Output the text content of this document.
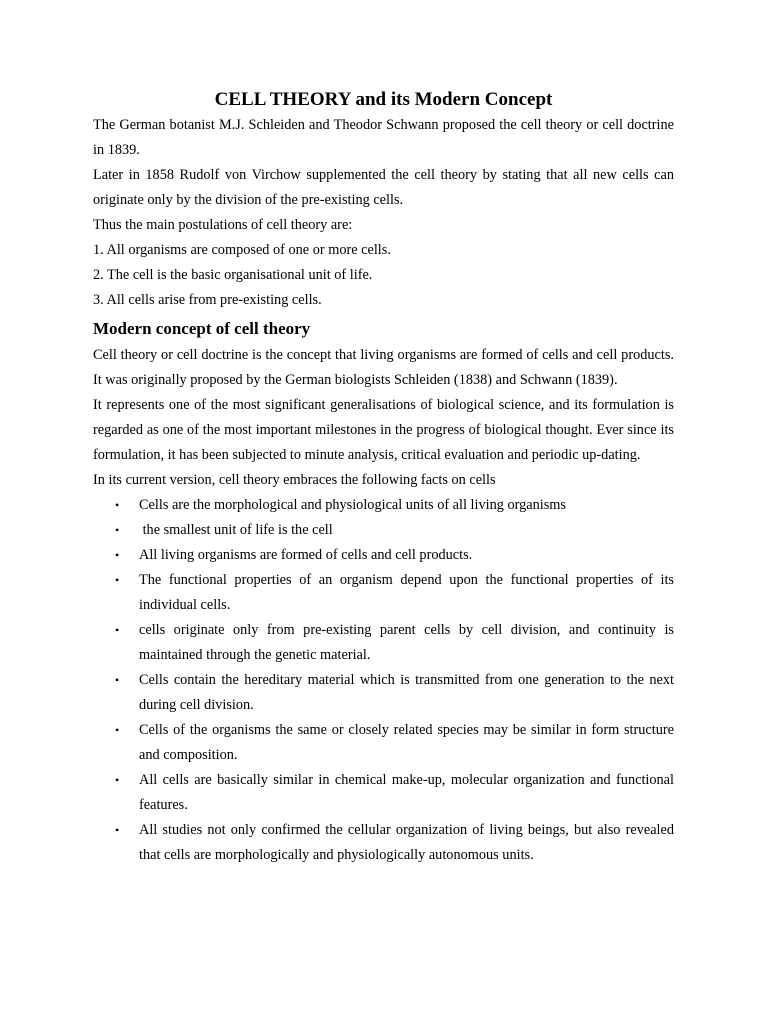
CELL THEORY and its Modern Concept

The German botanist M.J. Schleiden and Theodor Schwann proposed the cell theory or cell doctrine in 1839.

Later in 1858 Rudolf von Virchow supplemented the cell theory by stating that all new cells can originate only by the division of the pre-existing cells.

Thus the main postulations of cell theory are:

1. All organisms are composed of one or more cells.

2. The cell is the basic organisational unit of life.

3. All cells arise from pre-existing cells.

Modern concept of cell theory

Cell theory or cell doctrine is the concept that living organisms are formed of cells and cell products. It was originally proposed by the German biologists Schleiden (1838) and Schwann (1839).

It represents one of the most significant generalisations of biological science, and its formulation is regarded as one of the most important milestones in the progress of biological thought. Ever since its formulation, it has been subjected to minute analysis, critical evaluation and periodic up-dating.

In its current version, cell theory embraces the following facts on cells

• Cells are the morphological and physiological units of all living organisms
• the smallest unit of life is the cell
• All living organisms are formed of cells and cell products.
• The functional properties of an organism depend upon the functional properties of its individual cells.
• cells originate only from pre-existing parent cells by cell division, and continuity is maintained through the genetic material.
• Cells contain the hereditary material which is transmitted from one generation to the next during cell division.
• Cells of the organisms the same or closely related species may be similar in form structure and composition.
• All cells are basically similar in chemical make-up, molecular organization and functional features.
• All studies not only confirmed the cellular organization of living beings, but also revealed that cells are morphologically and physiologically autonomous units.
